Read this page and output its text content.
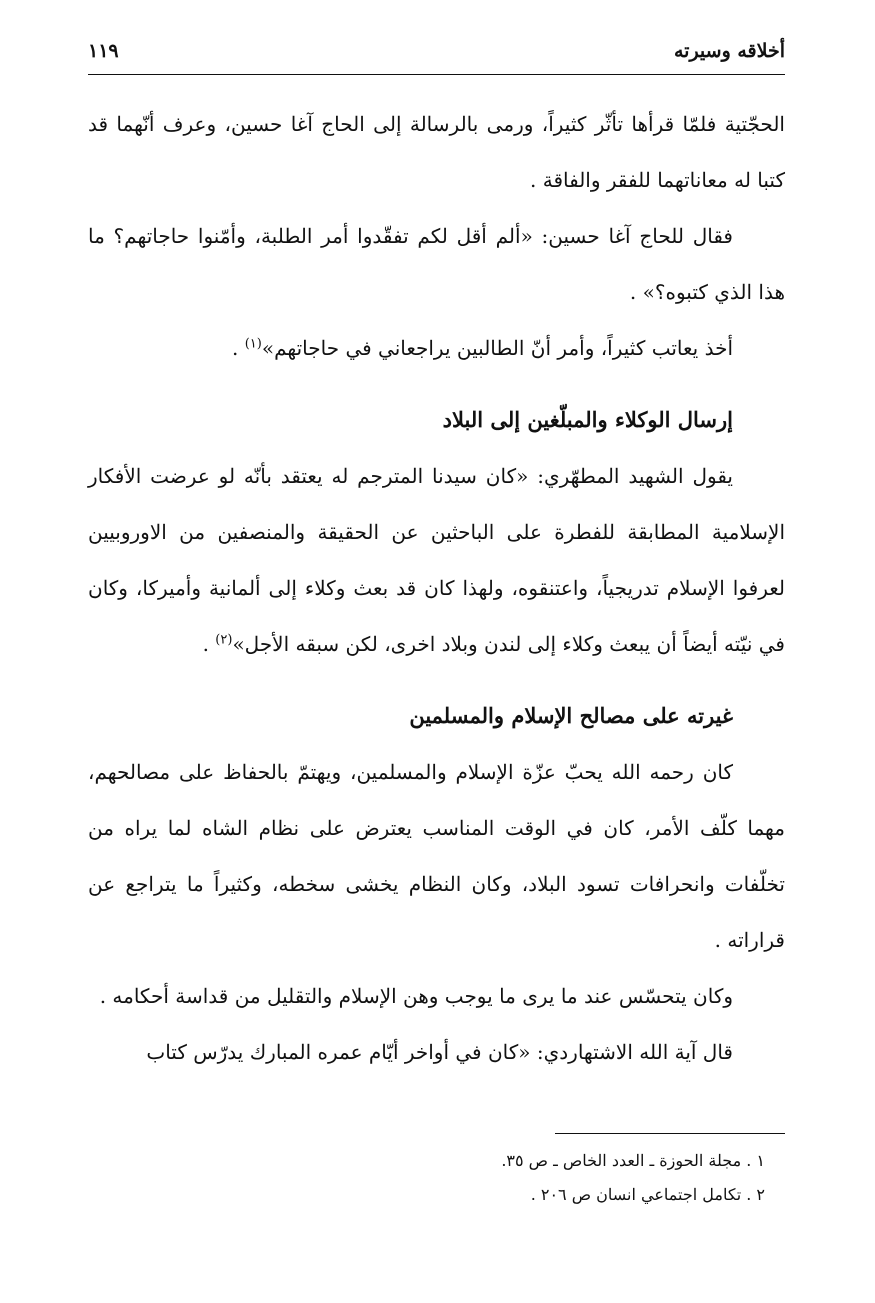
أخلاقه وسيرته
١١٩

الحجّتية فلمّا قرأها تأثّر كثيراً، ورمى بالرسالة إلى الحاج آغا حسين، وعرف أنّهما قد كتبا له معاناتهما للفقر والفاقة .

فقال للحاج آغا حسين: «ألم أقل لكم تفقّدوا أمر الطلبة، وأمّنوا حاجاتهم؟ ما هذا الذي كتبوه؟» .

أخذ يعاتب كثيراً، وأمر أنّ الطالبين يراجعاني في حاجاتهم»$^{(١)}$ .

إرسال الوكلاء والمبلّغين إلى البلاد

يقول الشهيد المطهّري: «كان سيدنا المترجم له يعتقد بأنّه لو عرضت الأفكار الإسلامية المطابقة للفطرة على الباحثين عن الحقيقة والمنصفين من الاوروبيين لعرفوا الإسلام تدريجياً، واعتنقوه، ولهذا كان قد بعث وكلاء إلى ألمانية وأميركا، وكان في نيّته أيضاً أن يبعث وكلاء إلى لندن وبلاد اخرى، لكن سبقه الأجل»$^{(٢)}$ .

غيرته على مصالح الإسلام والمسلمين

كان رحمه الله يحبّ عزّة الإسلام والمسلمين، ويهتمّ بالحفاظ على مصالحهم، مهما كلّف الأمر، كان في الوقت المناسب يعترض على نظام الشاه لما يراه من تخلّفات وانحرافات تسود البلاد، وكان النظام يخشى سخطه، وكثيراً ما يتراجع عن قراراته .

وكان يتحسّس عند ما يرى ما يوجب وهن الإسلام والتقليل من قداسة أحكامه .

قال آية الله الاشتهاردي: «كان في أواخر أيّام عمره المبارك يدرّس كتاب

١ . مجلة الحوزة ـ العدد الخاص ـ ص ٣٥.
٢ . تكامل اجتماعي انسان ص ٢٠٦ .
